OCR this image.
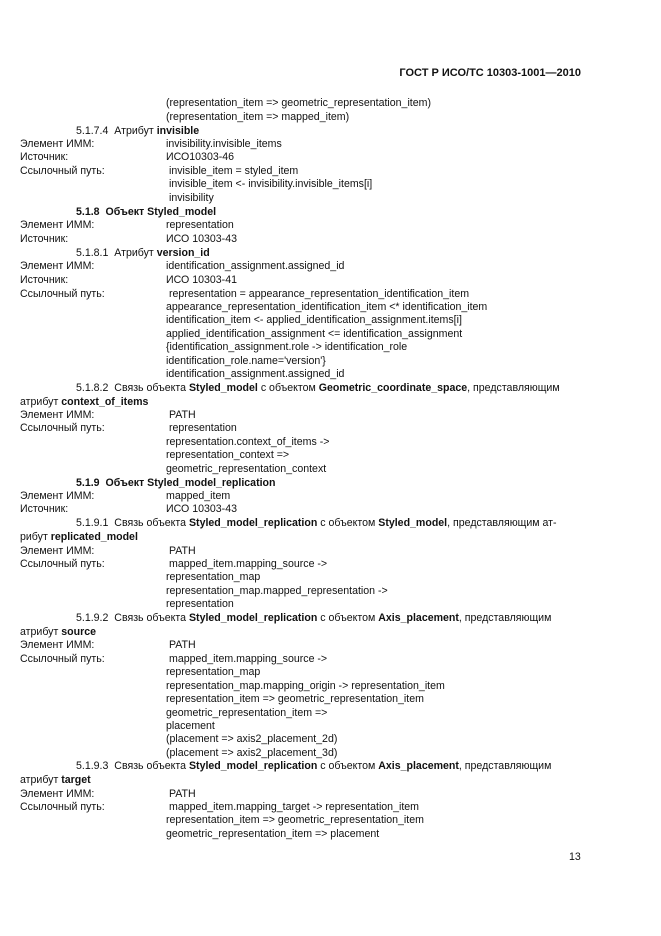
ГОСТ Р ИСО/ТС 10303-1001—2010
(representation_item => geometric_representation_item)
(representation_item => mapped_item)
5.1.7.4 Атрибут invisible
Элемент ИММ:	invisibility.invisible_items
Источник:	ИСО10303-46
Ссылочный путь:	invisible_item = styled_item
invisible_item <- invisibility.invisible_items[i]
invisibility
5.1.8 Объект Styled_model
Элемент ИММ:	representation
Источник:	ИСО 10303-43
5.1.8.1 Атрибут version_id
Элемент ИММ:	identification_assignment.assigned_id
Источник:	ИСО 10303-41
Ссылочный путь:	representation = appearance_representation_identification_item
appearance_representation_identification_item <* identification_item
identification_item <- applied_identification_assignment.items[i]
applied_identification_assignment <= identification_assignment
{identification_assignment.role -> identification_role
identification_role.name='version'}
identification_assignment.assigned_id
5.1.8.2 Связь объекта Styled_model с объектом Geometric_coordinate_space, представляющим
атрибут context_of_items
Элемент ИММ:	PATH
Ссылочный путь:	representation
representation.context_of_items ->
representation_context =>
geometric_representation_context
5.1.9 Объект Styled_model_replication
Элемент ИММ:	mapped_item
Источник:	ИСО 10303-43
5.1.9.1 Связь объекта Styled_model_replication с объектом Styled_model, представляющим ат-
рибут replicated_model
Элемент ИММ:	PATH
Ссылочный путь:	mapped_item.mapping_source ->
representation_map
representation_map.mapped_representation ->
representation
5.1.9.2 Связь объекта Styled_model_replication с объектом Axis_placement, представляющим
атрибут source
Элемент ИММ:	PATH
Ссылочный путь:	mapped_item.mapping_source ->
representation_map
representation_map.mapping_origin -> representation_item
representation_item => geometric_representation_item
geometric_representation_item =>
placement
(placement => axis2_placement_2d)
(placement => axis2_placement_3d)
5.1.9.3 Связь объекта Styled_model_replication с объектом Axis_placement, представляющим
атрибут target
Элемент ИММ:	PATH
Ссылочный путь:	mapped_item.mapping_target -> representation_item
representation_item => geometric_representation_item
geometric_representation_item => placement
13
